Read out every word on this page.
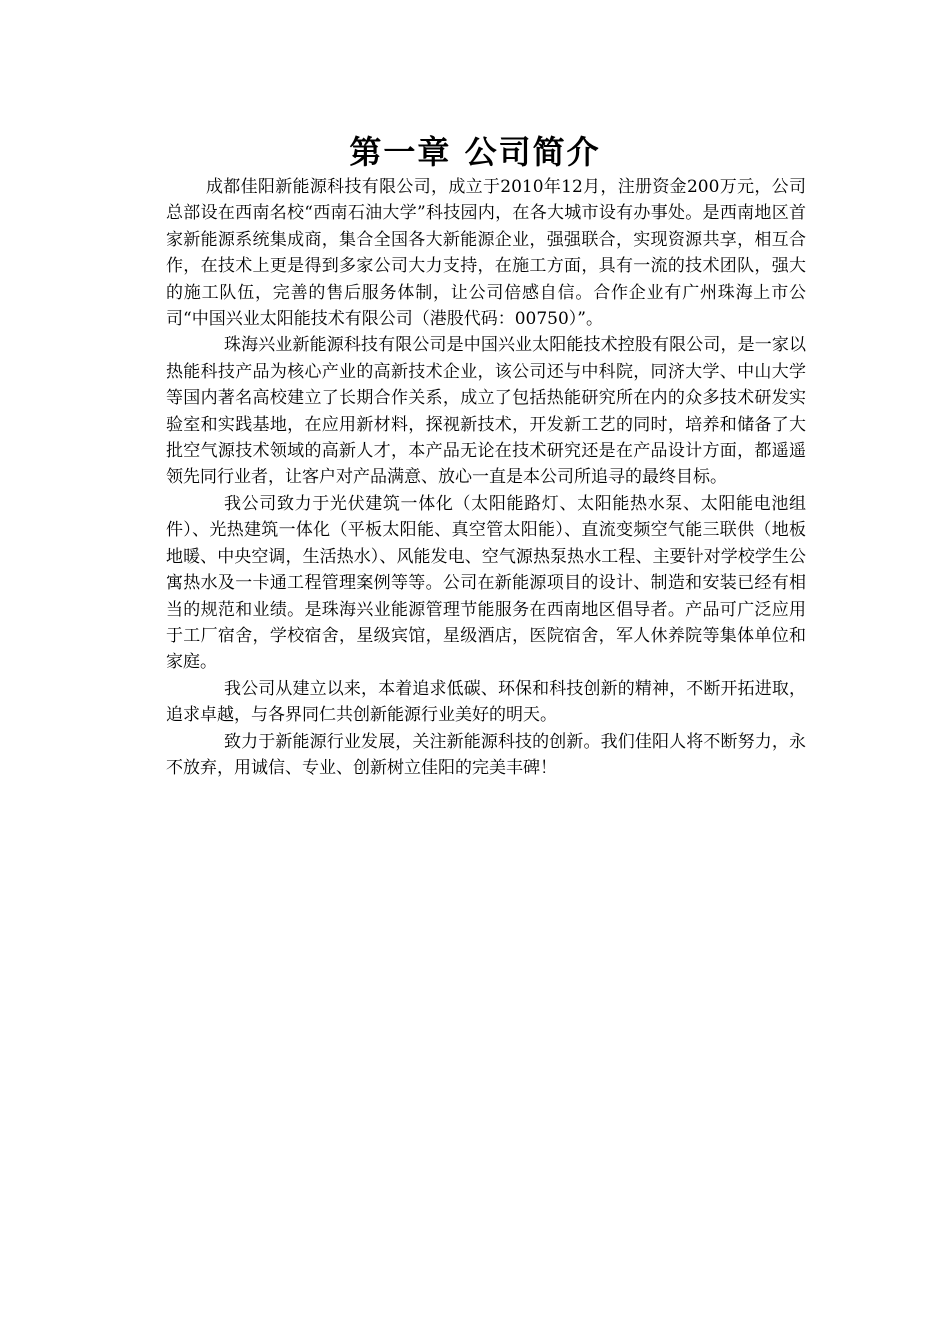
第一章 公司简介

成都佳阳新能源科技有限公司，成立于2010年12月，注册资金200万元，公司总部设在西南名校“西南石油大学”科技园内，在各大城市设有办事处。是西南地区首家新能源系统集成商，集合全国各大新能源企业，强强联合，实现资源共享，相互合作，在技术上更是得到多家公司大力支持，在施工方面，具有一流的技术团队，强大的施工队伍，完善的售后服务体制，让公司倍感自信。合作企业有广州珠海上市公司“中国兴业太阳能技术有限公司（港股代码：00750）”。

珠海兴业新能源科技有限公司是中国兴业太阳能技术控股有限公司，是一家以热能科技产品为核心产业的高新技术企业，该公司还与中科院，同济大学、中山大学等国内著名高校建立了长期合作关系，成立了包括热能研究所在内的众多技术研发实验室和实践基地，在应用新材料，探视新技术，开发新工艺的同时，培养和储备了大批空气源技术领域的高新人才，本产品无论在技术研究还是在产品设计方面，都遥遥领先同行业者，让客户对产品满意、放心一直是本公司所追寻的最终目标。

我公司致力于光伏建筑一体化（太阳能路灯、太阳能热水泵、太阳能电池组件）、光热建筑一体化（平板太阳能、真空管太阳能）、直流变频空气能三联供（地板地暖、中央空调，生活热水）、风能发电、空气源热泵热水工程、主要针对学校学生公寓热水及一卡通工程管理案例等等。公司在新能源项目的设计、制造和安装已经有相当的规范和业绩。是珠海兴业能源管理节能服务在西南地区倡导者。产品可广泛应用于工厂宿舍，学校宿舍，星级宾馆，星级酒店，医院宿舍，军人休养院等集体单位和家庭。

我公司从建立以来，本着追求低碳、环保和科技创新的精神，不断开拓进取，追求卓越，与各界同仁共创新能源行业美好的明天。

致力于新能源行业发展，关注新能源科技的创新。我们佳阳人将不断努力，永不放弃，用诚信、专业、创新树立佳阳的完美丰碑！
